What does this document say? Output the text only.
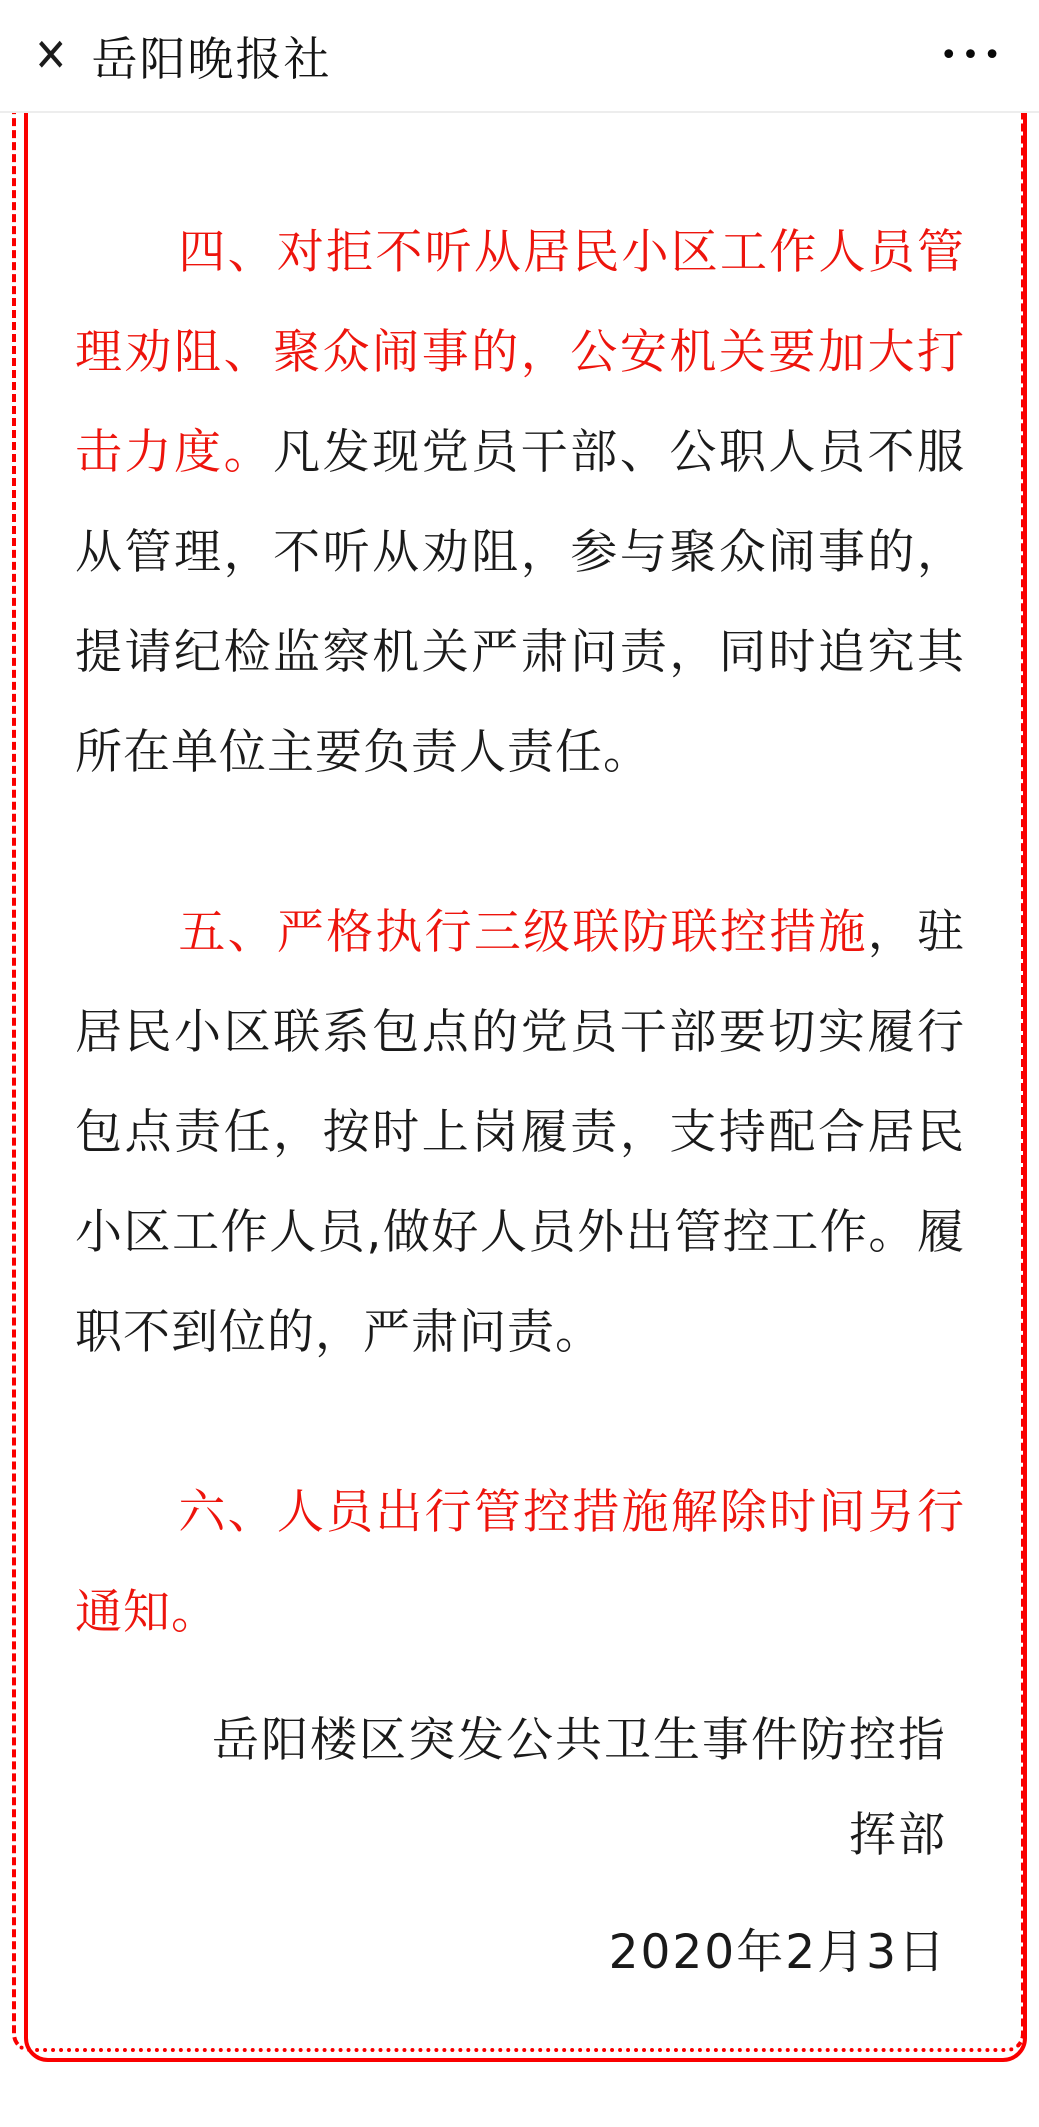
✕ 岳阳晚报社	•••
四、对拒不听从居民小区工作人员管理劝阻、聚众闹事的，公安机关要加大打击力度。凡发现党员干部、公职人员不服从管理，不听从劝阻，参与聚众闹事的，提请纪检监察机关严肃问责，同时追究其所在单位主要负责人责任。
五、严格执行三级联防联控措施，驻居民小区联系包点的党员干部要切实履行包点责任，按时上岗履责，支持配合居民小区工作人员,做好人员外出管控工作。履职不到位的，严肃问责。
六、人员出行管控措施解除时间另行通知。
岳阳楼区突发公共卫生事件防控指挥部
2020年2月3日
